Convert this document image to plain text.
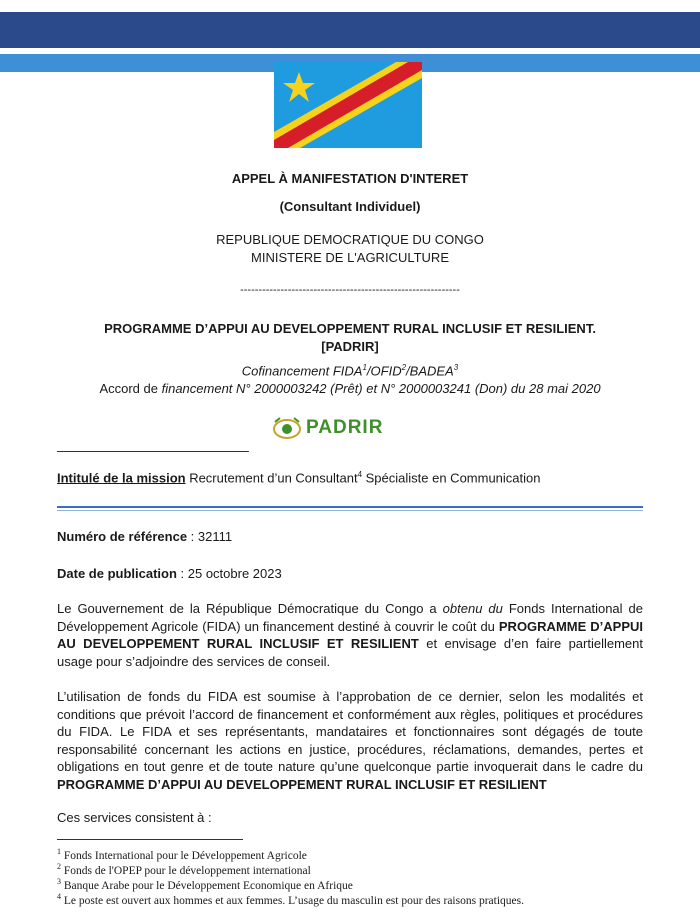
APPEL À MANIFESTATION D'INTERET
(Consultant Individuel)
REPUBLIQUE DEMOCRATIQUE DU CONGO
MINISTERE DE L'AGRICULTURE
------------------------------------------------------------
PROGRAMME D’APPUI AU DEVELOPPEMENT RURAL INCLUSIF ET RESILIENT.
[PADRIR]
Cofinancement FIDA$^1$/OFID$^2$/BADEA$^3$
Accord de financement N° 2000003242 (Prêt) et N° 2000003241 (Don) du 28 mai 2020
PADRIR
Intitulé de la mission Recrutement d’un Consultant$^4$ Spécialiste en Communication
Numéro de référence : 32111
Date de publication : 25 octobre 2023
Le Gouvernement de la République Démocratique du Congo a obtenu du Fonds International de Développement Agricole (FIDA) un financement destiné à couvrir le coût du PROGRAMME D’APPUI AU DEVELOPPEMENT RURAL INCLUSIF ET RESILIENT et envisage d’en faire partiellement usage pour s’adjoindre des services de conseil.
L’utilisation de fonds du FIDA est soumise à l’approbation de ce dernier, selon les modalités et conditions que prévoit l’accord de financement et conformément aux règles, politiques et procédures du FIDA. Le FIDA et ses représentants, mandataires et fonctionnaires sont dégagés de toute responsabilité concernant les actions en justice, procédures, réclamations, demandes, pertes et obligations en tout genre et de toute nature qu’une quelconque partie invoquerait dans le cadre du PROGRAMME D’APPUI AU DEVELOPPEMENT RURAL INCLUSIF ET RESILIENT
Ces services consistent à :
$^1$ Fonds International pour le Développement Agricole
$^2$ Fonds de l'OPEP pour le développement international
$^3$ Banque Arabe pour le Développement Economique en Afrique
$^4$ Le poste est ouvert aux hommes et aux femmes. L’usage du masculin est pour des raisons pratiques.
